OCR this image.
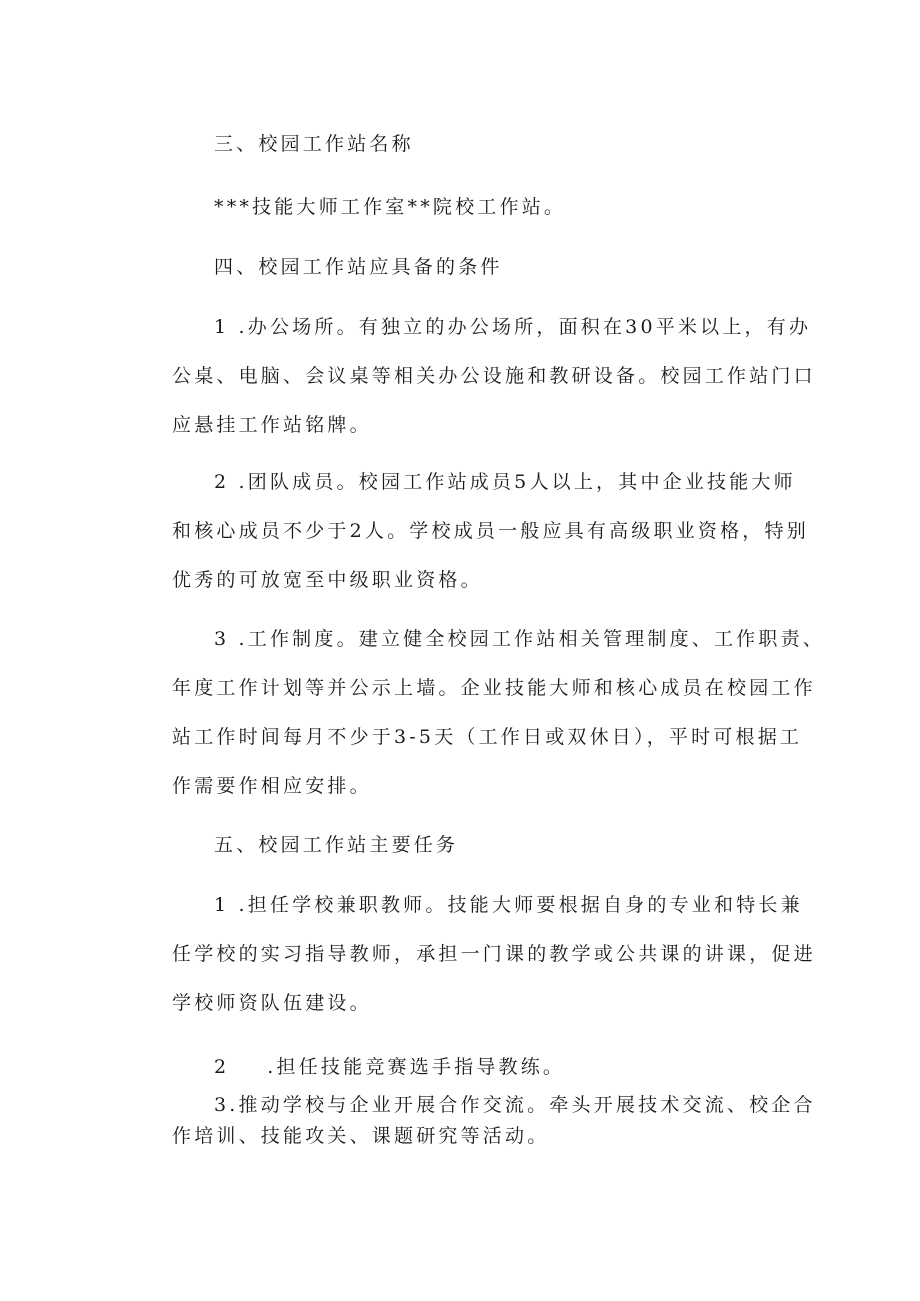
三、校园工作站名称
***技能大师工作室**院校工作站。
四、校园工作站应具备的条件
1 .办公场所。有独立的办公场所，面积在30平米以上，有办
公桌、电脑、会议桌等相关办公设施和教研设备。校园工作站门口
应悬挂工作站铭牌。
2 .团队成员。校园工作站成员5人以上，其中企业技能大师
和核心成员不少于2人。学校成员一般应具有高级职业资格，特别
优秀的可放宽至中级职业资格。
3 .工作制度。建立健全校园工作站相关管理制度、工作职责、
年度工作计划等并公示上墙。企业技能大师和核心成员在校园工作
站工作时间每月不少于3-5天（工作日或双休日），平时可根据工
作需要作相应安排。
五、校园工作站主要任务
1 .担任学校兼职教师。技能大师要根据自身的专业和特长兼
任学校的实习指导教师，承担一门课的教学或公共课的讲课，促进
学校师资队伍建设。
2 .担任技能竞赛选手指导教练。
3.推动学校与企业开展合作交流。牵头开展技术交流、校企合
作培训、技能攻关、课题研究等活动。
